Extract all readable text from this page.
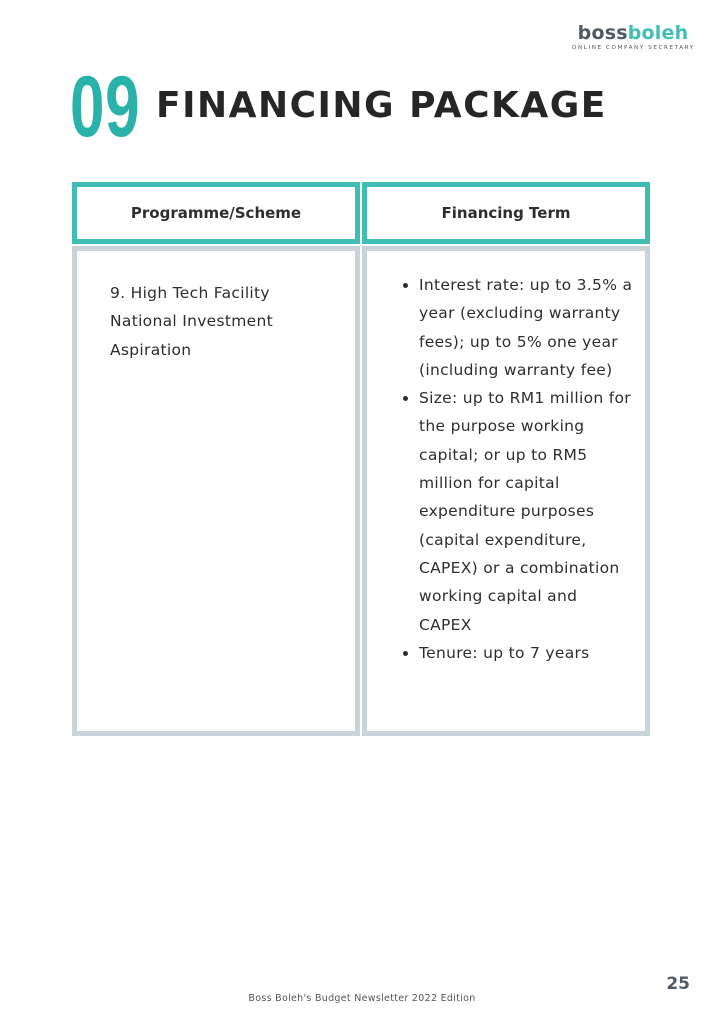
bossboleh
ONLINE COMPANY SECRETARY
09 FINANCING PACKAGE
Programme/Scheme	Financing Term
9. High Tech Facility
National Investment
Aspiration
Interest rate: up to 3.5% a year (excluding warranty fees); up to 5% one year (including warranty fee)
Size: up to RM1 million for the purpose working capital; or up to RM5 million for capital expenditure purposes (capital expenditure, CAPEX) or a combination working capital and CAPEX
Tenure: up to 7 years
Boss Boleh's Budget Newsletter 2022 Edition
25
